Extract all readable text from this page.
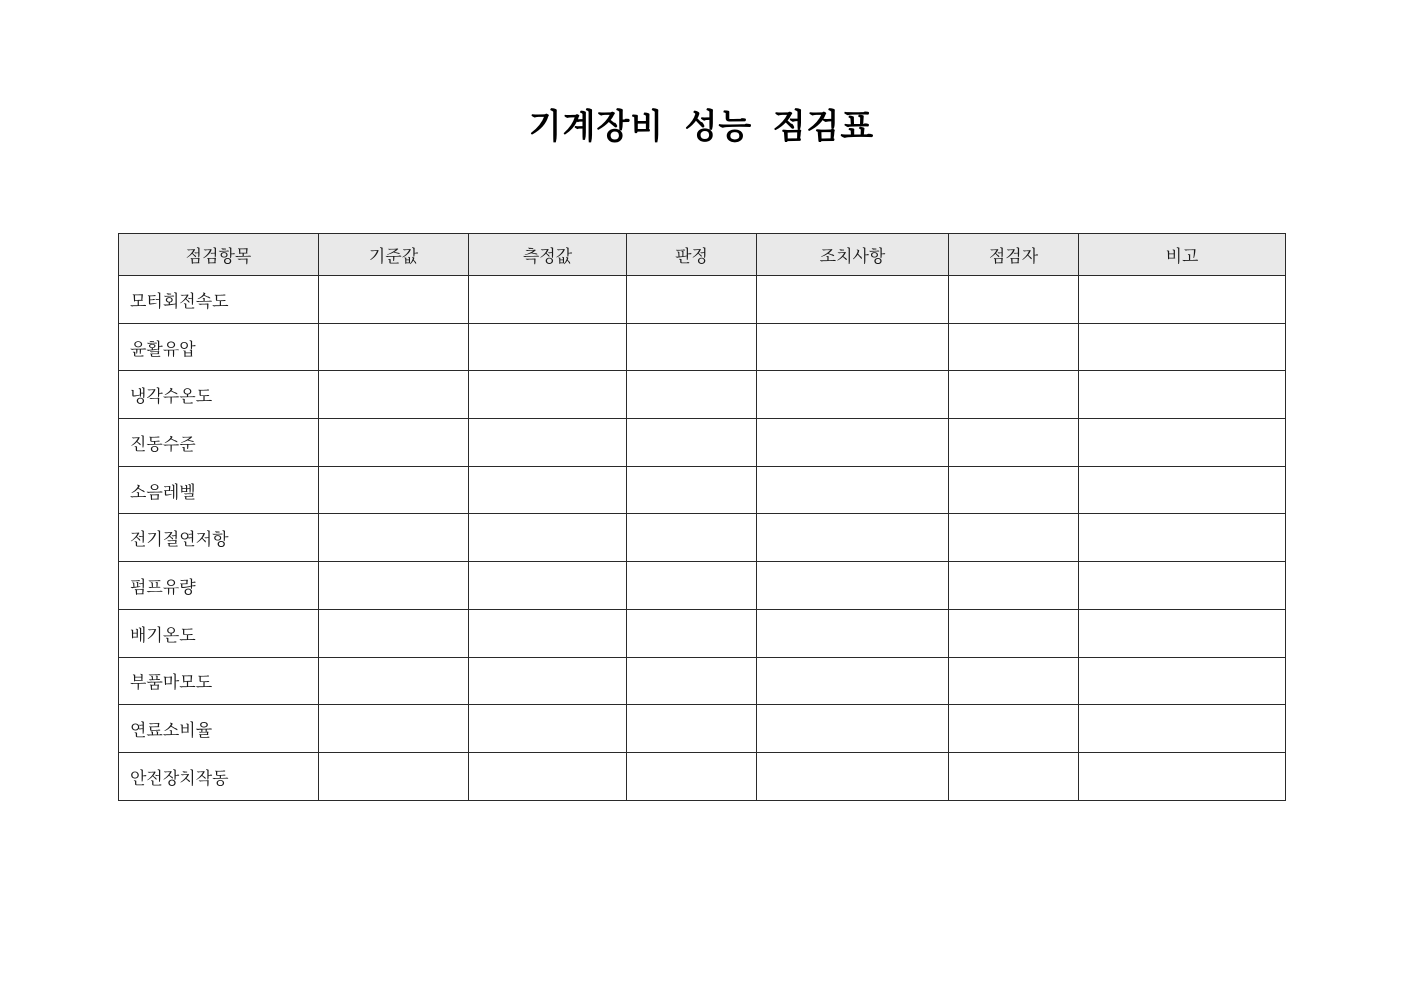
기계장비 성능 점검표
점검항목	기준값	측정값	판정	조치사항	점검자	비고
모터회전속도						
윤활유압						
냉각수온도						
진동수준						
소음레벨						
전기절연저항						
펌프유량						
배기온도						
부품마모도						
연료소비율						
안전장치작동						
